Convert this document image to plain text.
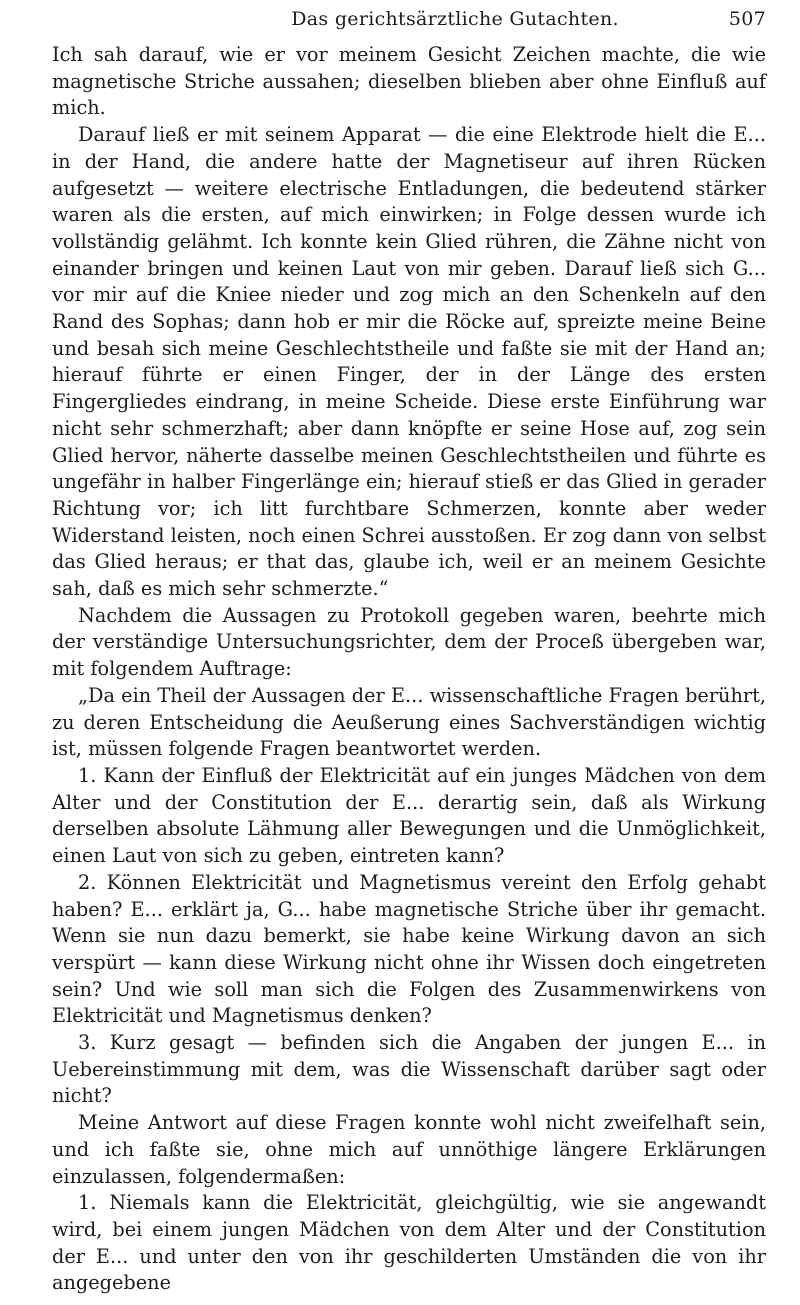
Das gerichtsärztliche Gutachten.	507

Ich sah darauf, wie er vor meinem Gesicht Zeichen machte, die wie magnetische Striche aussahen; dieselben blieben aber ohne Einfluß auf mich.

Darauf ließ er mit seinem Apparat — die eine Elektrode hielt die E... in der Hand, die andere hatte der Magnetiseur auf ihren Rücken aufgesetzt — weitere electrische Entladungen, die bedeutend stärker waren als die ersten, auf mich einwirken; in Folge dessen wurde ich vollständig gelähmt. Ich konnte kein Glied rühren, die Zähne nicht von einander bringen und keinen Laut von mir geben. Darauf ließ sich G... vor mir auf die Kniee nieder und zog mich an den Schenkeln auf den Rand des Sophas; dann hob er mir die Röcke auf, spreizte meine Beine und besah sich meine Geschlechtstheile und faßte sie mit der Hand an; hierauf führte er einen Finger, der in der Länge des ersten Fingergliedes eindrang, in meine Scheide. Diese erste Einführung war nicht sehr schmerzhaft; aber dann knöpfte er seine Hose auf, zog sein Glied hervor, näherte dasselbe meinen Geschlechtstheilen und führte es ungefähr in halber Fingerlänge ein; hierauf stieß er das Glied in gerader Richtung vor; ich litt furchtbare Schmerzen, konnte aber weder Widerstand leisten, noch einen Schrei ausstoßen. Er zog dann von selbst das Glied heraus; er that das, glaube ich, weil er an meinem Gesichte sah, daß es mich sehr schmerzte.“

Nachdem die Aussagen zu Protokoll gegeben waren, beehrte mich der verständige Untersuchungsrichter, dem der Proceß übergeben war, mit folgendem Auftrage:

„Da ein Theil der Aussagen der E... wissenschaftliche Fragen berührt, zu deren Entscheidung die Aeußerung eines Sachverständigen wichtig ist, müssen folgende Fragen beantwortet werden.

1. Kann der Einfluß der Elektricität auf ein junges Mädchen von dem Alter und der Constitution der E... derartig sein, daß als Wirkung derselben absolute Lähmung aller Bewegungen und die Unmöglichkeit, einen Laut von sich zu geben, eintreten kann?

2. Können Elektricität und Magnetismus vereint den Erfolg gehabt haben? E... erklärt ja, G... habe magnetische Striche über ihr gemacht. Wenn sie nun dazu bemerkt, sie habe keine Wirkung davon an sich verspürt — kann diese Wirkung nicht ohne ihr Wissen doch eingetreten sein? Und wie soll man sich die Folgen des Zusammenwirkens von Elektricität und Magnetismus denken?

3. Kurz gesagt — befinden sich die Angaben der jungen E... in Uebereinstimmung mit dem, was die Wissenschaft darüber sagt oder nicht?

Meine Antwort auf diese Fragen konnte wohl nicht zweifelhaft sein, und ich faßte sie, ohne mich auf unnöthige längere Erklärungen einzulassen, folgendermaßen:

1. Niemals kann die Elektricität, gleichgültig, wie sie angewandt wird, bei einem jungen Mädchen von dem Alter und der Constitution der E... und unter den von ihr geschilderten Umständen die von ihr angegebene
